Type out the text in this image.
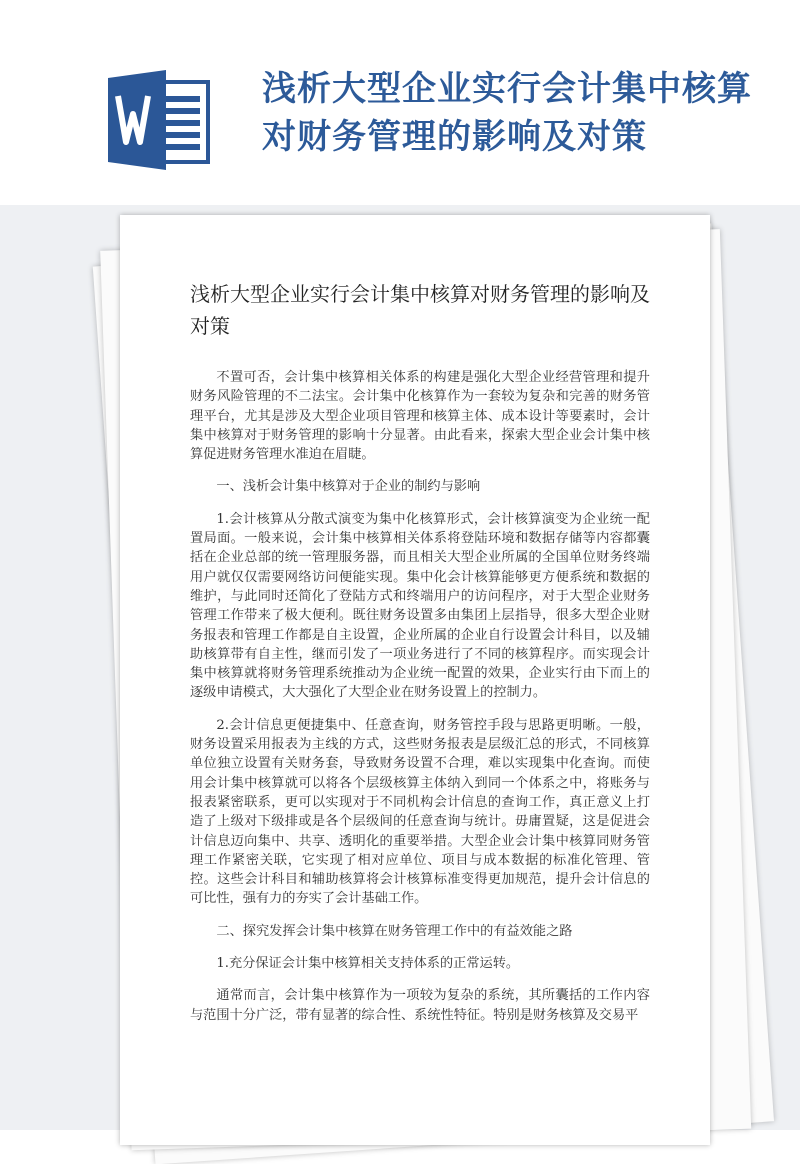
浅析大型企业实行会计集中核算对财务管理的影响及对策
浅析大型企业实行会计集中核算对财务管理的影响及对策

不置可否，会计集中核算相关体系的构建是强化大型企业经营管理和提升财务风险管理的不二法宝。会计集中化核算作为一套较为复杂和完善的财务管理平台，尤其是涉及大型企业项目管理和核算主体、成本设计等要素时，会计集中核算对于财务管理的影响十分显著。由此看来，探索大型企业会计集中核算促进财务管理水准迫在眉睫。

一、浅析会计集中核算对于企业的制约与影响

1.会计核算从分散式演变为集中化核算形式，会计核算演变为企业统一配置局面。一般来说，会计集中核算相关体系将登陆环境和数据存储等内容都囊括在企业总部的统一管理服务器，而且相关大型企业所属的全国单位财务终端用户就仅仅需要网络访问便能实现。集中化会计核算能够更方便系统和数据的维护，与此同时还简化了登陆方式和终端用户的访问程序，对于大型企业财务管理工作带来了极大便利。既往财务设置多由集团上层指导，很多大型企业财务报表和管理工作都是自主设置，企业所属的企业自行设置会计科目，以及辅助核算带有自主性，继而引发了一项业务进行了不同的核算程序。而实现会计集中核算就将财务管理系统推动为企业统一配置的效果，企业实行由下而上的逐级申请模式，大大强化了大型企业在财务设置上的控制力。

2.会计信息更便捷集中、任意查询，财务管控手段与思路更明晰。一般，财务设置采用报表为主线的方式，这些财务报表是层级汇总的形式，不同核算单位独立设置有关财务套，导致财务设置不合理，难以实现集中化查询。而使用会计集中核算就可以将各个层级核算主体纳入到同一个体系之中，将账务与报表紧密联系，更可以实现对于不同机构会计信息的查询工作，真正意义上打造了上级对下级排或是各个层级间的任意查询与统计。毋庸置疑，这是促进会计信息迈向集中、共享、透明化的重要举措。大型企业会计集中核算同财务管理工作紧密关联，它实现了相对应单位、项目与成本数据的标准化管理、管控。这些会计科目和辅助核算将会计核算标准变得更加规范，提升会计信息的可比性，强有力的夯实了会计基础工作。

二、探究发挥会计集中核算在财务管理工作中的有益效能之路

1.充分保证会计集中核算相关支持体系的正常运转。

通常而言，会计集中核算作为一项较为复杂的系统，其所囊括的工作内容与范围十分广泛，带有显著的综合性、系统性特征。特别是财务核算及交易平
